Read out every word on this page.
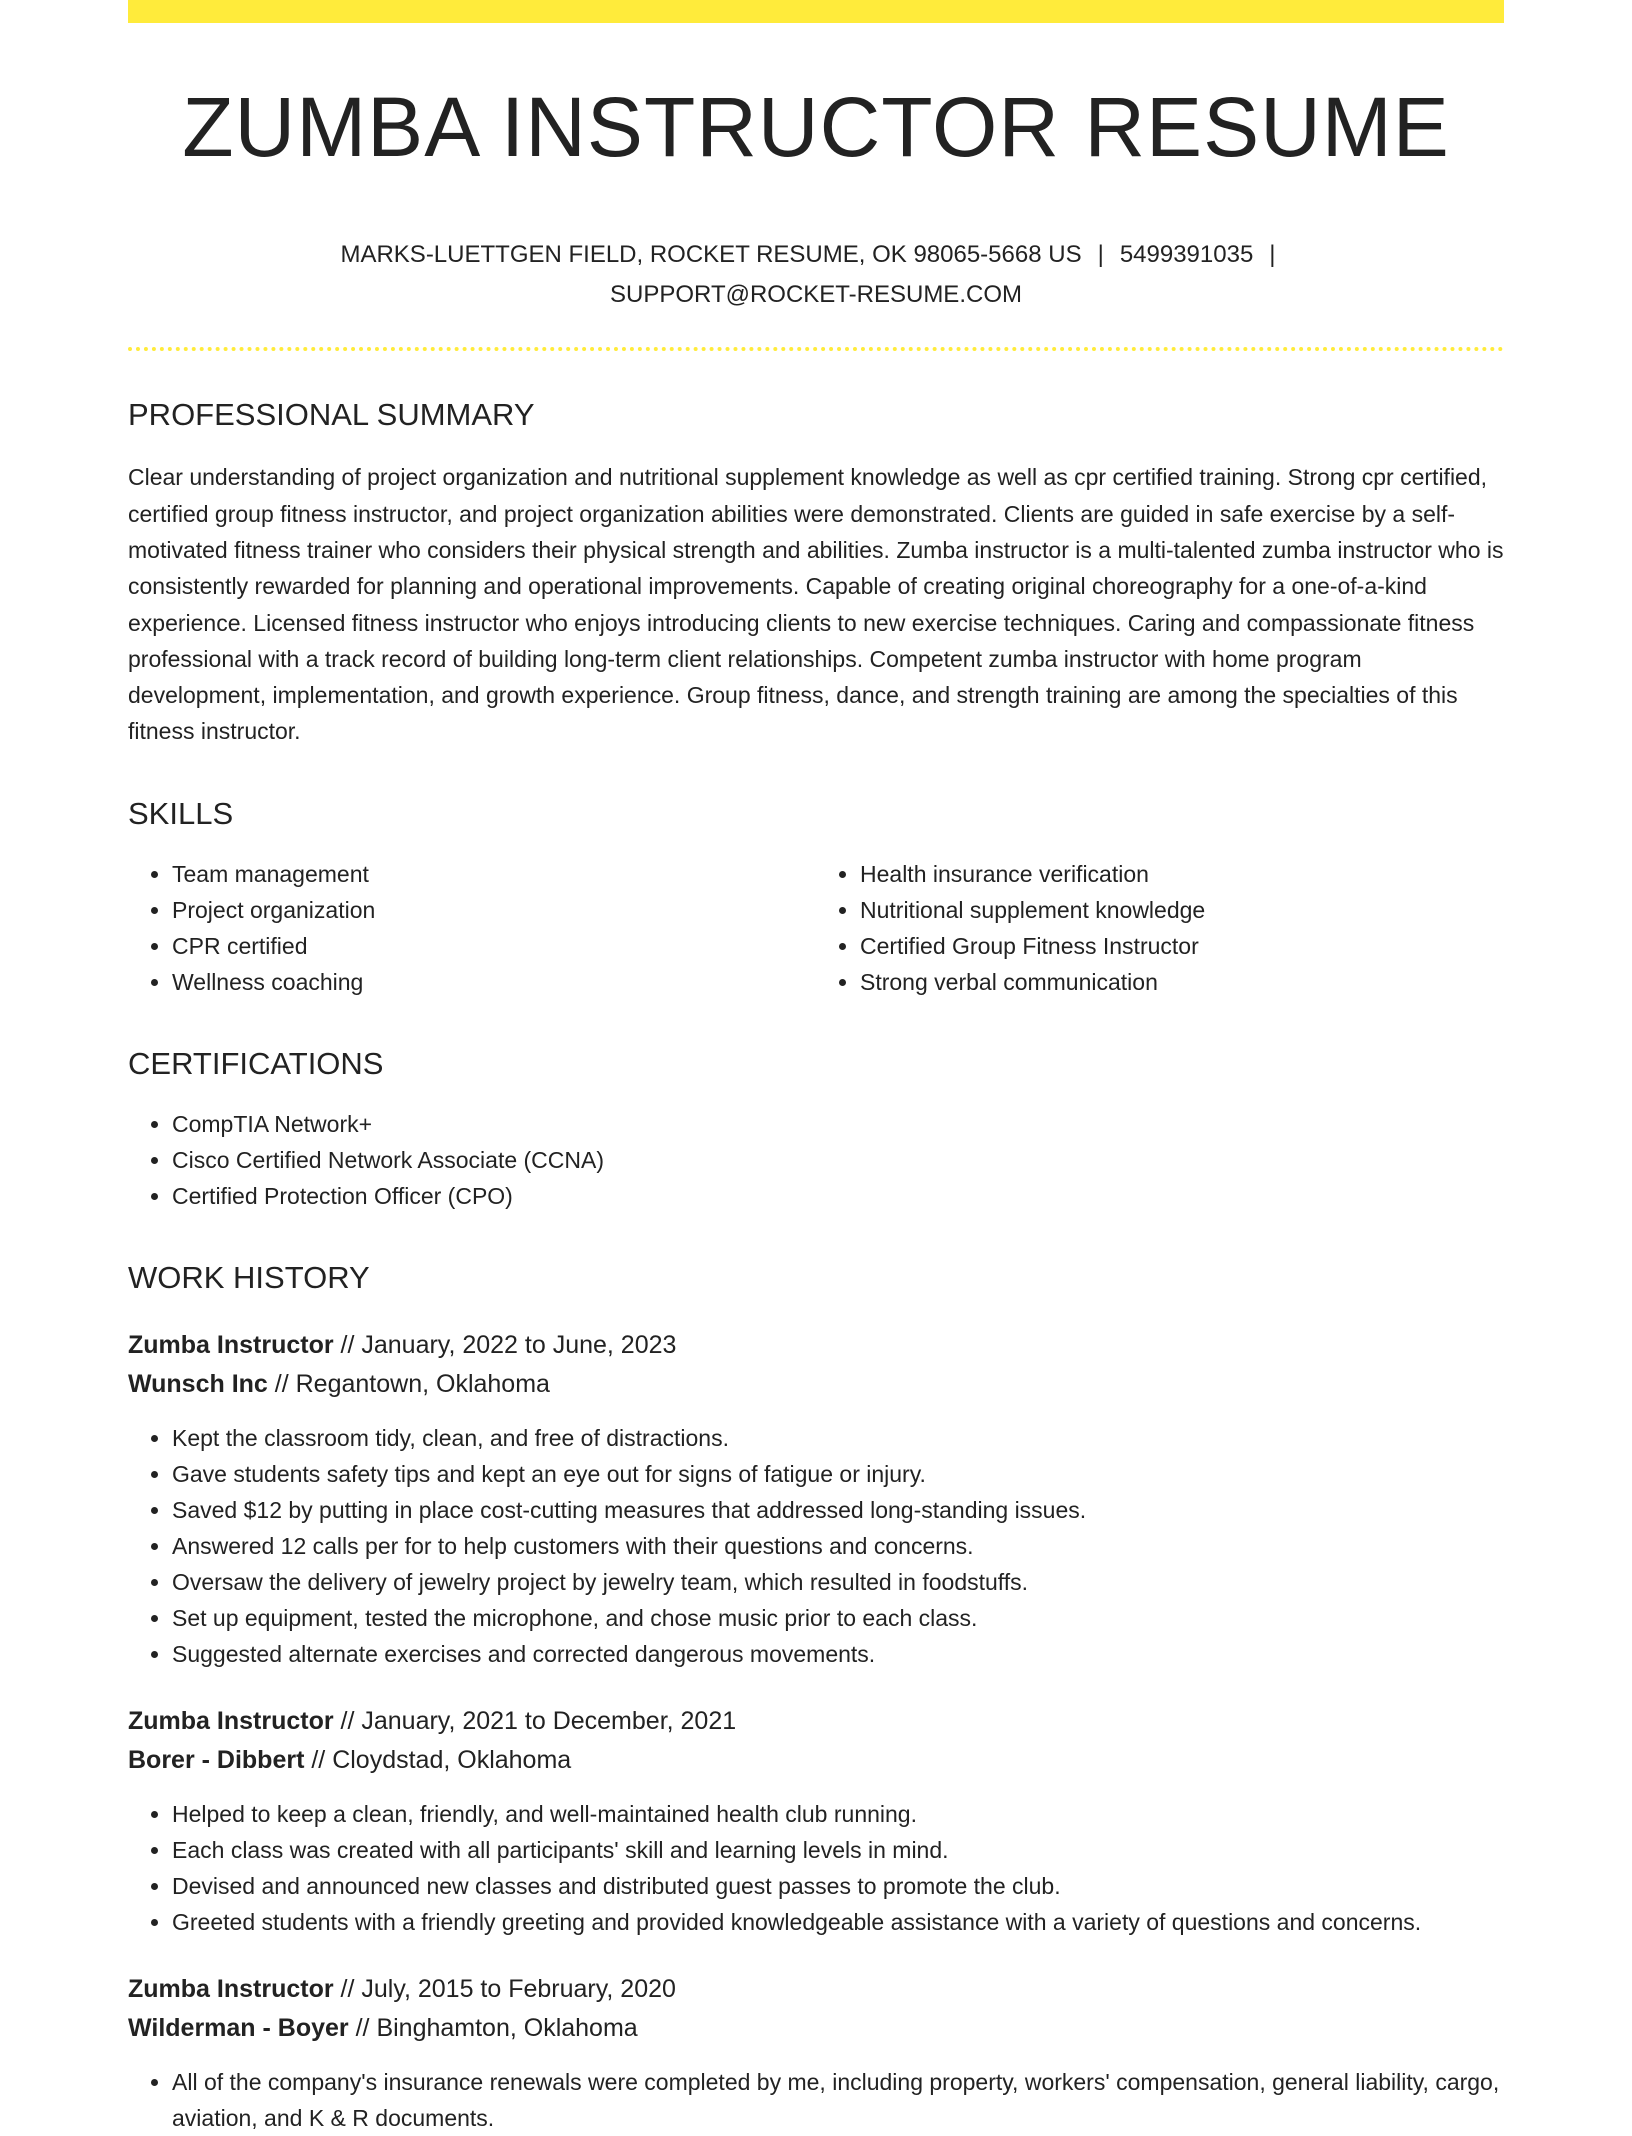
ZUMBA INSTRUCTOR RESUME
MARKS-LUETTGEN FIELD, ROCKET RESUME, OK 98065-5668 US | 5499391035 |
SUPPORT@ROCKET-RESUME.COM
PROFESSIONAL SUMMARY
Clear understanding of project organization and nutritional supplement knowledge as well as cpr certified training. Strong cpr certified, certified group fitness instructor, and project organization abilities were demonstrated. Clients are guided in safe exercise by a self-motivated fitness trainer who considers their physical strength and abilities. Zumba instructor is a multi-talented zumba instructor who is consistently rewarded for planning and operational improvements. Capable of creating original choreography for a one-of-a-kind experience. Licensed fitness instructor who enjoys introducing clients to new exercise techniques. Caring and compassionate fitness professional with a track record of building long-term client relationships. Competent zumba instructor with home program development, implementation, and growth experience. Group fitness, dance, and strength training are among the specialties of this fitness instructor.
SKILLS
• Team management
• Project organization
• CPR certified
• Wellness coaching
• Health insurance verification
• Nutritional supplement knowledge
• Certified Group Fitness Instructor
• Strong verbal communication
CERTIFICATIONS
• CompTIA Network+
• Cisco Certified Network Associate (CCNA)
• Certified Protection Officer (CPO)
WORK HISTORY
Zumba Instructor // January, 2022 to June, 2023
Wunsch Inc // Regantown, Oklahoma
• Kept the classroom tidy, clean, and free of distractions.
• Gave students safety tips and kept an eye out for signs of fatigue or injury.
• Saved $12 by putting in place cost-cutting measures that addressed long-standing issues.
• Answered 12 calls per for to help customers with their questions and concerns.
• Oversaw the delivery of jewelry project by jewelry team, which resulted in foodstuffs.
• Set up equipment, tested the microphone, and chose music prior to each class.
• Suggested alternate exercises and corrected dangerous movements.
Zumba Instructor // January, 2021 to December, 2021
Borer - Dibbert // Cloydstad, Oklahoma
• Helped to keep a clean, friendly, and well-maintained health club running.
• Each class was created with all participants' skill and learning levels in mind.
• Devised and announced new classes and distributed guest passes to promote the club.
• Greeted students with a friendly greeting and provided knowledgeable assistance with a variety of questions and concerns.
Zumba Instructor // July, 2015 to February, 2020
Wilderman - Boyer // Binghamton, Oklahoma
• All of the company's insurance renewals were completed by me, including property, workers' compensation, general liability, cargo, aviation, and K & R documents.
